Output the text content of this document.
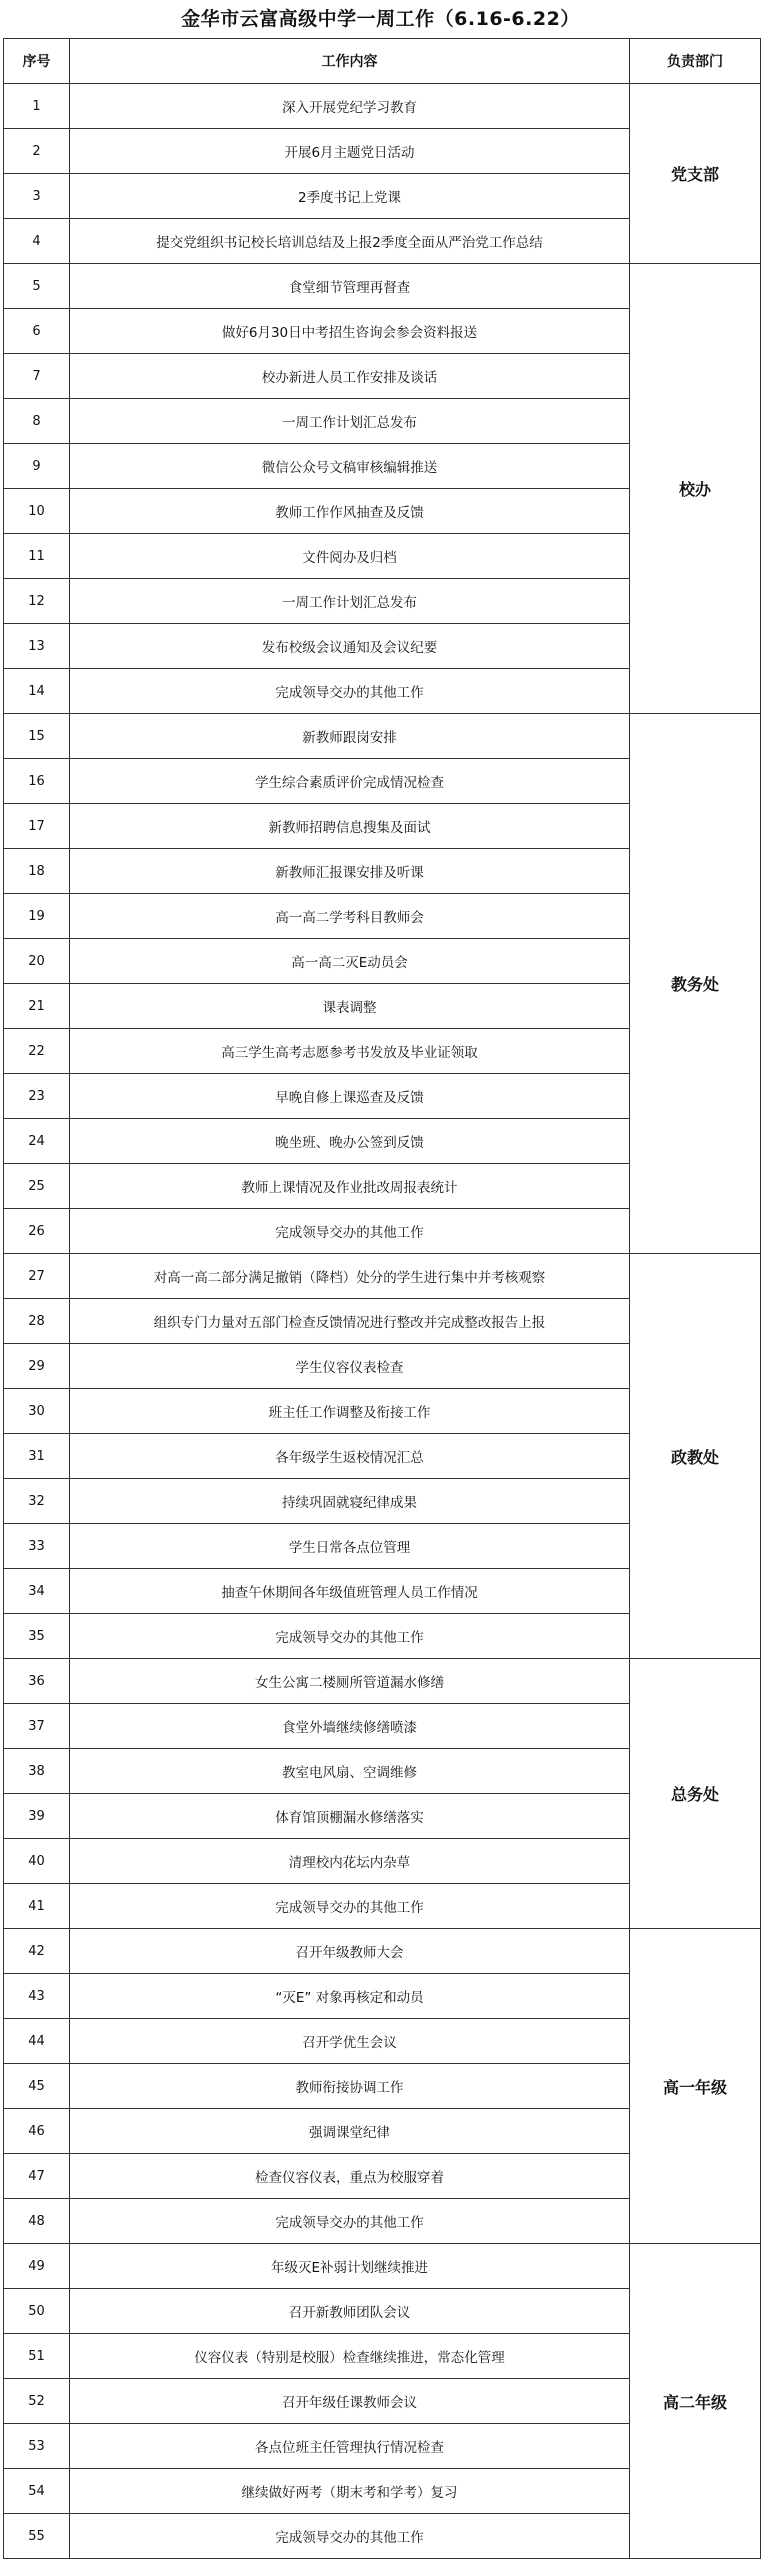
金华市云富高级中学一周工作（6.16-6.22）
序号	工作内容	负责部门
1	深入开展党纪学习教育	党支部
2	开展6月主题党日活动	
3	2季度书记上党课	
4	提交党组织书记校长培训总结及上报2季度全面从严治党工作总结	
5	食堂细节管理再督查	校办
6	做好6月30日中考招生咨询会参会资料报送	
7	校办新进人员工作安排及谈话	
8	一周工作计划汇总发布	
9	微信公众号文稿审核编辑推送	
10	教师工作作风抽查及反馈	
11	文件阅办及归档	
12	一周工作计划汇总发布	
13	发布校级会议通知及会议纪要	
14	完成领导交办的其他工作	
15	新教师跟岗安排	教务处
16	学生综合素质评价完成情况检查	
17	新教师招聘信息搜集及面试	
18	新教师汇报课安排及听课	
19	高一高二学考科目教师会	
20	高一高二灭E动员会	
21	课表调整	
22	高三学生高考志愿参考书发放及毕业证领取	
23	早晚自修上课巡查及反馈	
24	晚坐班、晚办公签到反馈	
25	教师上课情况及作业批改周报表统计	
26	完成领导交办的其他工作	
27	对高一高二部分满足撤销（降档）处分的学生进行集中并考核观察	政教处
28	组织专门力量对五部门检查反馈情况进行整改并完成整改报告上报	
29	学生仪容仪表检查	
30	班主任工作调整及衔接工作	
31	各年级学生返校情况汇总	
32	持续巩固就寝纪律成果	
33	学生日常各点位管理	
34	抽查午休期间各年级值班管理人员工作情况	
35	完成领导交办的其他工作	
36	女生公寓二楼厕所管道漏水修缮	总务处
37	食堂外墙继续修缮喷漆	
38	教室电风扇、空调维修	
39	体育馆顶棚漏水修缮落实	
40	清理校内花坛内杂草	
41	完成领导交办的其他工作	
42	召开年级教师大会	高一年级
43	“灭E” 对象再核定和动员	
44	召开学优生会议	
45	教师衔接协调工作	
46	强调课堂纪律	
47	检查仪容仪表，重点为校服穿着	
48	完成领导交办的其他工作	
49	年级灭E补弱计划继续推进	高二年级
50	召开新教师团队会议	
51	仪容仪表（特别是校服）检查继续推进，常态化管理	
52	召开年级任课教师会议	
53	各点位班主任管理执行情况检查	
54	继续做好两考（期末考和学考）复习	
55	完成领导交办的其他工作	
